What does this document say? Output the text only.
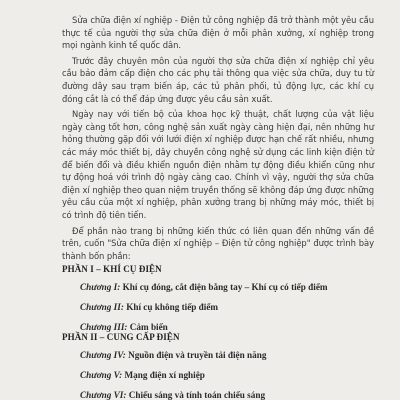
Sửa chữa điện xí nghiệp - Điện tử công nghiệp đã trở thành một yêu cầu thực tế của người thợ sửa chữa điện ở mỗi phân xưởng, xí nghiệp trong mọi ngành kinh tế quốc dân.

Trước đây chuyên môn của người thợ sửa chữa điện xí nghiệp chỉ yêu cầu bảo đảm cấp điện cho các phụ tải thông qua việc sửa chữa, duy tu từ đường dây sau trạm biến áp, các tủ phân phối, tủ động lực, các khí cụ đóng cắt là có thể đáp ứng được yêu cầu sản xuất.

Ngày nay với tiến bộ của khoa học kỹ thuật, chất lượng của vật liệu ngày càng tốt hơn, công nghệ sản xuất ngày càng hiện đại, nên những hư hỏng thường gặp đối với lưới điện xí nghiệp được hạn chế rất nhiều, nhưng các máy móc thiết bị, dây chuyền công nghệ sử dụng các linh kiện điện tử để biến đổi và điều khiển nguồn điện nhằm tự động điều khiển cũng như tự động hoá với trình độ ngày càng cao. Chính vì vậy, người thợ sửa chữa điện xí nghiệp theo quan niệm truyền thống sẽ không đáp ứng được những yêu cầu của một xí nghiệp, phân xưởng trang bị những máy móc, thiết bị có trình độ tiên tiến.

Để phần nào trang bị những kiến thức có liên quan đến những vấn đề trên, cuốn "Sửa chữa điện xí nghiệp – Điện tử công nghiệp" được trình bày thành bốn phần:

PHẦN I – KHÍ CỤ ĐIỆN
Chương I: Khí cụ đóng, cắt điện bằng tay – Khí cụ có tiếp điểm
Chương II: Khí cụ không tiếp điểm
Chương III: Cảm biến
PHẦN II – CUNG CẤP ĐIỆN
Chương IV: Nguồn điện và truyền tải điện năng
Chương V: Mạng điện xí nghiệp
Chương VI: Chiếu sáng và tính toán chiếu sáng
